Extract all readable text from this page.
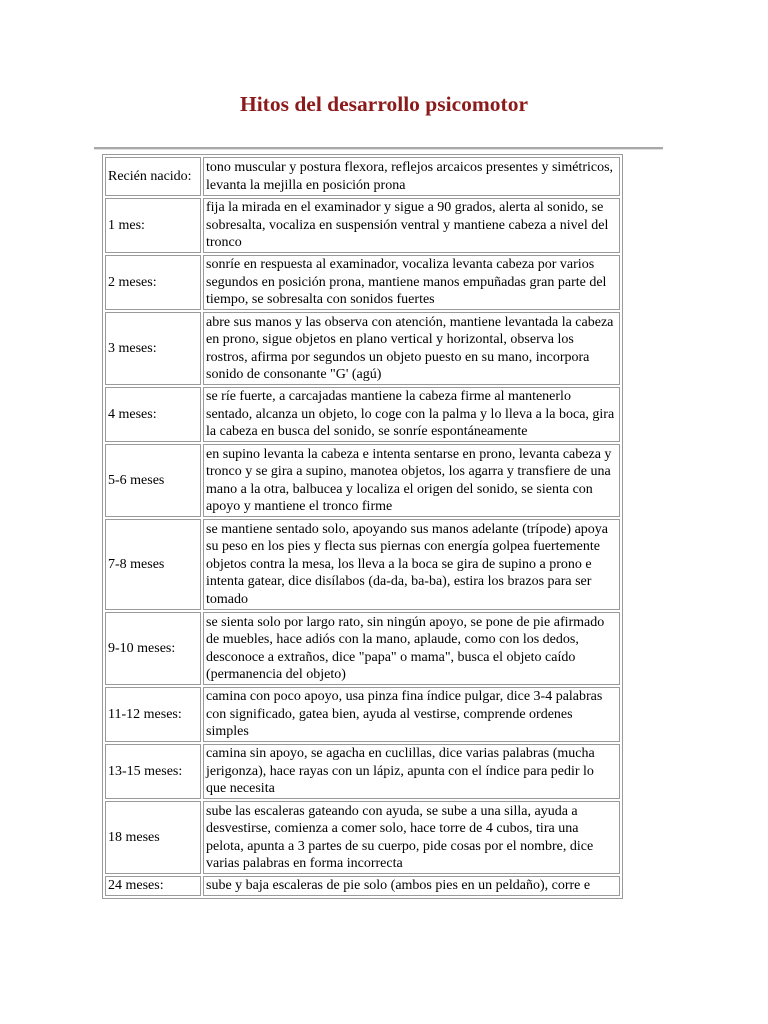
Hitos del desarrollo psicomotor
Recién nacido:	tono muscular y postura flexora, reflejos arcaicos presentes y simétricos, levanta la mejilla en posición prona
1 mes:	fija la mirada en el examinador y sigue a 90 grados, alerta al sonido, se sobresalta, vocaliza en suspensión ventral y mantiene cabeza a nivel del tronco
2 meses:	sonríe en respuesta al examinador, vocaliza levanta cabeza por varios segundos en posición prona, mantiene manos empuñadas gran parte del tiempo, se sobresalta con sonidos fuertes
3 meses:	abre sus manos y las observa con atención, mantiene levantada la cabeza en prono, sigue objetos en plano vertical y horizontal, observa los rostros, afirma por segundos un objeto puesto en su mano, incorpora sonido de consonante "G' (agú)
4 meses:	se ríe fuerte, a carcajadas mantiene la cabeza firme al mantenerlo sentado, alcanza un objeto, lo coge con la palma y lo lleva a la boca, gira la cabeza en busca del sonido, se sonríe espontáneamente
5-6 meses	en supino levanta la cabeza e intenta sentarse en prono, levanta cabeza y tronco y se gira a supino, manotea objetos, los agarra y transfiere de una mano a la otra, balbucea y localiza el origen del sonido, se sienta con apoyo y mantiene el tronco firme
7-8 meses	se mantiene sentado solo, apoyando sus manos adelante (trípode) apoya su peso en los pies y flecta sus piernas con energía golpea fuertemente objetos contra la mesa, los lleva a la boca se gira de supino a prono e intenta gatear, dice disílabos (da-da, ba-ba), estira los brazos para ser tomado
9-10 meses:	se sienta solo por largo rato, sin ningún apoyo, se pone de pie afirmado de muebles, hace adiós con la mano, aplaude, como con los dedos, desconoce a extraños, dice "papa" o mama", busca el objeto caído (permanencia del objeto)
11-12 meses:	camina con poco apoyo, usa pinza fina índice pulgar, dice 3-4 palabras con significado, gatea bien, ayuda al vestirse, comprende ordenes simples
13-15 meses:	camina sin apoyo, se agacha en cuclillas, dice varias palabras (mucha jerigonza), hace rayas con un lápiz, apunta con el índice para pedir lo que necesita
18 meses	sube las escaleras gateando con ayuda, se sube a una silla, ayuda a desvestirse, comienza a comer solo, hace torre de 4 cubos, tira una pelota, apunta a 3 partes de su cuerpo, pide cosas por el nombre, dice varias palabras en forma incorrecta
24 meses:	sube y baja escaleras de pie solo (ambos pies en un peldaño), corre e
